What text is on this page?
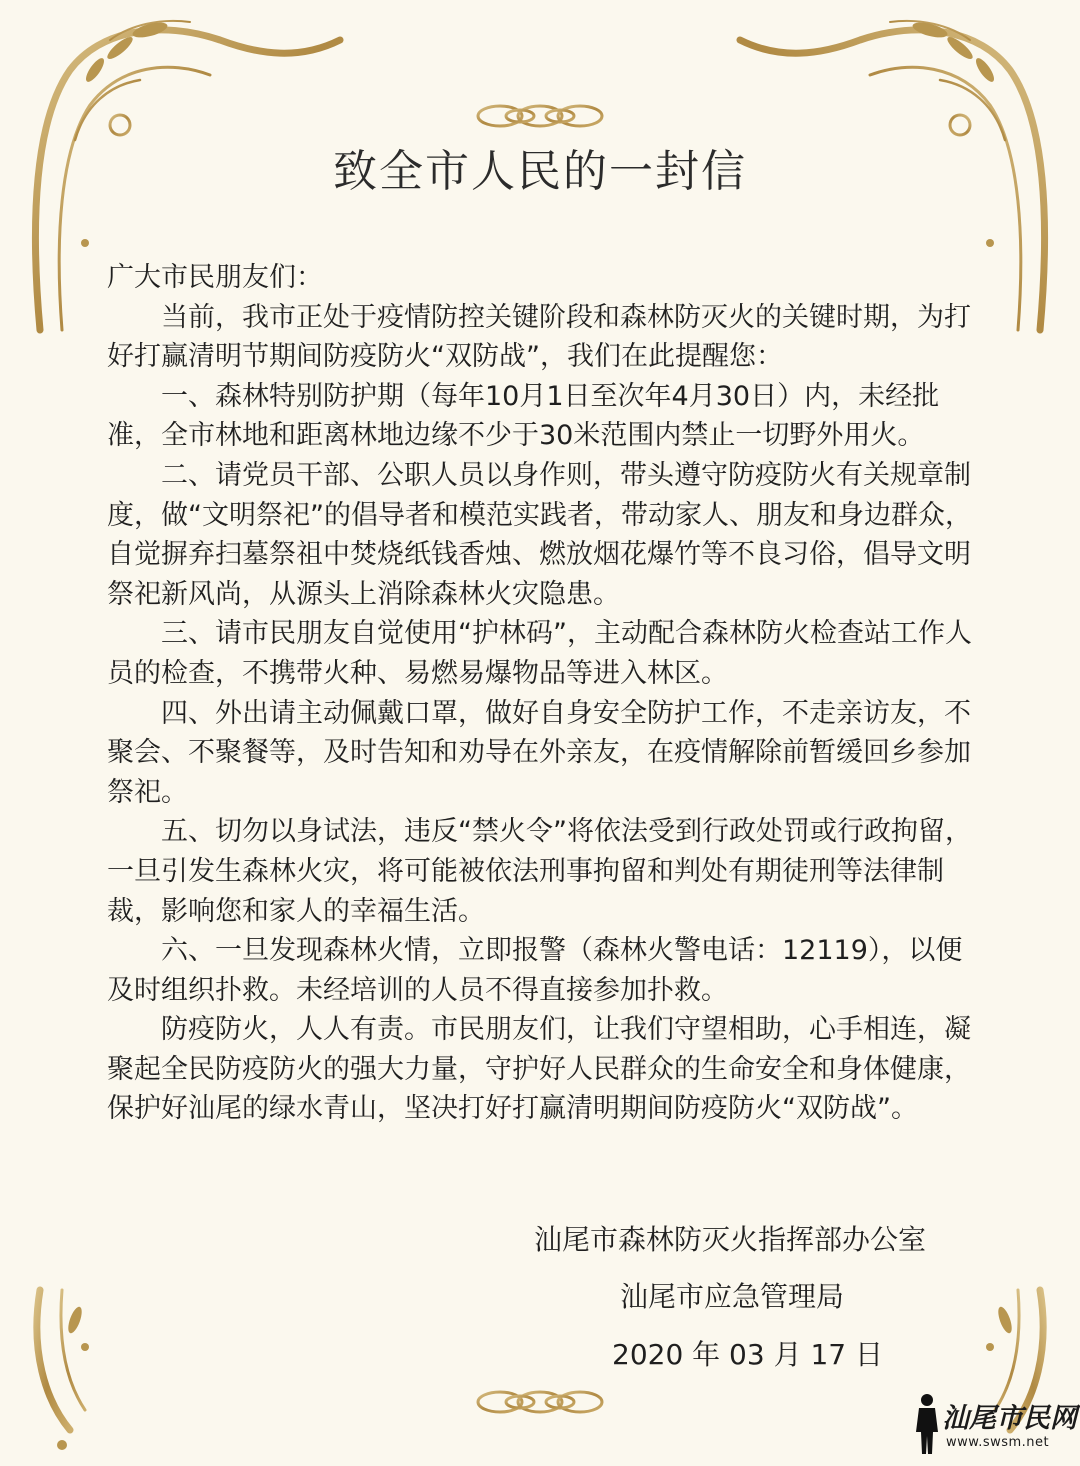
致全市人民的一封信

广大市民朋友们：

当前，我市正处于疫情防控关键阶段和森林防灭火的关键时期，为打好打赢清明节期间防疫防火“双防战”，我们在此提醒您：

一、森林特别防护期（每年10月1日至次年4月30日）内，未经批准，全市林地和距离林地边缘不少于30米范围内禁止一切野外用火。

二、请党员干部、公职人员以身作则，带头遵守防疫防火有关规章制度，做“文明祭祀”的倡导者和模范实践者，带动家人、朋友和身边群众，自觉摒弃扫墓祭祖中焚烧纸钱香烛、燃放烟花爆竹等不良习俗，倡导文明祭祀新风尚，从源头上消除森林火灾隐患。

三、请市民朋友自觉使用“护林码”，主动配合森林防火检查站工作人员的检查，不携带火种、易燃易爆物品等进入林区。

四、外出请主动佩戴口罩，做好自身安全防护工作，不走亲访友，不聚会、不聚餐等，及时告知和劝导在外亲友，在疫情解除前暂缓回乡参加祭祀。

五、切勿以身试法，违反“禁火令”将依法受到行政处罚或行政拘留，一旦引发生森林火灾，将可能被依法刑事拘留和判处有期徒刑等法律制裁，影响您和家人的幸福生活。

六、一旦发现森林火情，立即报警（森林火警电话：12119），以便及时组织扑救。未经培训的人员不得直接参加扑救。

防疫防火，人人有责。市民朋友们，让我们守望相助，心手相连，凝聚起全民防疫防火的强大力量，守护好人民群众的生命安全和身体健康，保护好汕尾的绿水青山，坚决打好打赢清明期间防疫防火“双防战”。

汕尾市森林防灭火指挥部办公室
汕尾市应急管理局
2020 年 03 月 17 日
汕尾市民网
www.swsm.net
